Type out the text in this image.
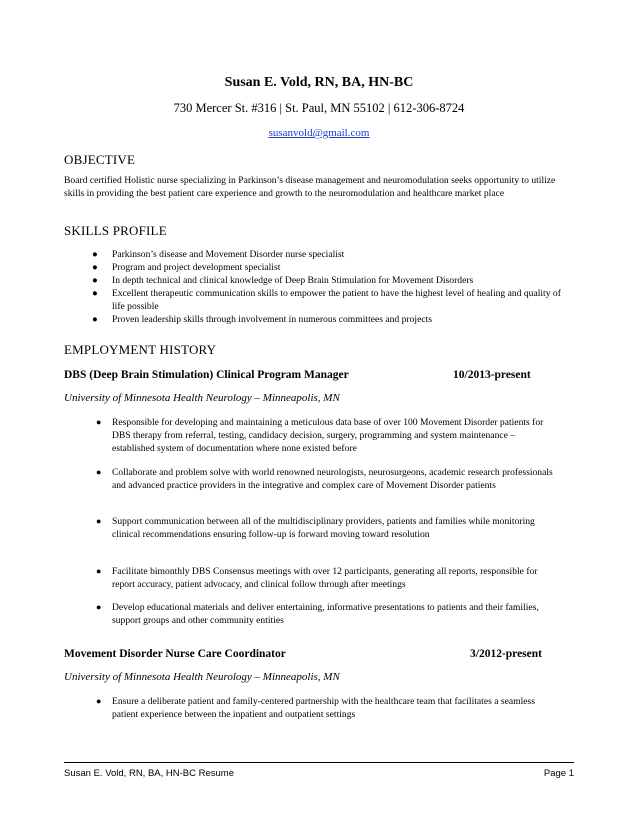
Susan E. Vold, RN, BA, HN-BC
730 Mercer St. #316 | St. Paul, MN 55102 | 612-306-8724
susanvold@gmail.com
OBJECTIVE
Board certified Holistic nurse specializing in Parkinson’s disease management and neuromodulation seeks opportunity to utilize skills in providing the best patient care experience and growth to the neuromodulation and healthcare market place
SKILLS PROFILE
● Parkinson’s disease and Movement Disorder nurse specialist
● Program and project development specialist
● In depth technical and clinical knowledge of Deep Brain Stimulation for Movement Disorders
● Excellent therapeutic communication skills to empower the patient to have the highest level of healing and quality of life possible
● Proven leadership skills through involvement in numerous committees and projects
EMPLOYMENT HISTORY
DBS (Deep Brain Stimulation) Clinical Program Manager	10/2013-present
University of Minnesota Health Neurology – Minneapolis, MN
● Responsible for developing and maintaining a meticulous data base of over 100 Movement Disorder patients for DBS therapy from referral, testing, candidacy decision, surgery, programming and system maintenance – established system of documentation where none existed before
● Collaborate and problem solve with world renowned neurologists, neurosurgeons, academic research professionals and advanced practice providers in the integrative and complex care of Movement Disorder patients
● Support communication between all of the multidisciplinary providers, patients and families while monitoring clinical recommendations ensuring follow-up is forward moving toward resolution
● Facilitate bimonthly DBS Consensus meetings with over 12 participants, generating all reports, responsible for report accuracy, patient advocacy, and clinical follow through after meetings
● Develop educational materials and deliver entertaining, informative presentations to patients and their families, support groups and other community entities
Movement Disorder Nurse Care Coordinator	3/2012-present
University of Minnesota Health Neurology – Minneapolis, MN
● Ensure a deliberate patient and family-centered partnership with the healthcare team that facilitates a seamless patient experience between the inpatient and outpatient settings
Susan E. Vold, RN, BA, HN-BC Resume	Page 1
